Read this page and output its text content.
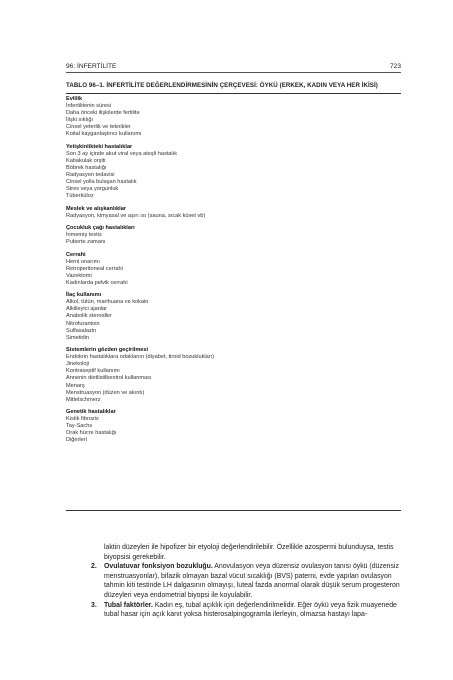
96: İNFERTİLİTE	723
TABLO 96–1. İNFERTİLİTE DEĞERLENDİRMESİNİN ÇERÇEVESİ: ÖYKÜ (ERKEK, KADIN VEYA HER İKİSİ)
Evlilik
İnfertilitenin süresi
Daha önceki ilişkilerde fertilite
İlişki sıklığı
Cinsel yeterlik ve teknikler
Koital kayganlaştırıcı kullanımı
Yetişkinlikteki hastalıklar
Son 3 ay içinde akut viral veya ateşli hastalık
Kabakulak orşiti
Böbrek hastalığı
Radyasyon tedavisi
Cinsel yolla bulaşan hastalık
Stres veya yorgunluk
Tüberküloz
Meslek ve alışkanlıklar
Radyasyon, kimyasal ve aşırı ısı (sauna, sıcak küvet vb)
Çocukluk çağı hastalıkları
İnmemiş testis
Puberte zamanı
Cerrahi
Herni onarımı
Retroperitoneal cerrahi
Vazektomi
Kadınlarda pelvik cerrahi
İlaç kullanımı
Alkol, tütün, marihuana ve kokain
Alkilleyici ajanlar
Anabolik steroidler
Nitrofurantoin
Sulfasalazin
Simetidin
Sistemlerin gözden geçirilmesi
Endokrin hastalıklara odaklanın (diyabet, tiroid bozuklukları)
Jinekoloji
Kontraseptif kullanımı
Annenin dietilstilbestrol kullanması
Menarş
Menstruasyon (düzen ve akıntı)
Mittelschmerz
Genetik hastalıklar
Kistik fibrozis
Tay-Sachs
Orak hücre hastalığı
Diğerleri

laktin düzeyleri ile hipofizer bir etyoloji değerlendirilebilir. Özellikle azospermi bulunduysa, testis biyopsisi gerekebilir.

2. Ovulatuvar fonksiyon bozukluğu. Anovulasyon veya düzensiz ovulasyon tanısı öykü (düzensiz menstruasyonlar), bifazik olmayan bazal vücut sıcaklığı (BVS) paterni, evde yapılan ovulasyon tahmin kiti testinde LH dalgasının olmayışı, luteal fazda anormal olarak düşük serum progesteron düzeyleri veya endometrial biyopsi ile koyulabilir.

3. Tubal faktörler. Kadın eş, tubal açıklık için değerlendirilmelidir. Eğer öykü veya fizik muayenede tubal hasar için açık kanıt yoksa histerosalpingogramla ilerleyin, olmazsa hastayı lapa-
